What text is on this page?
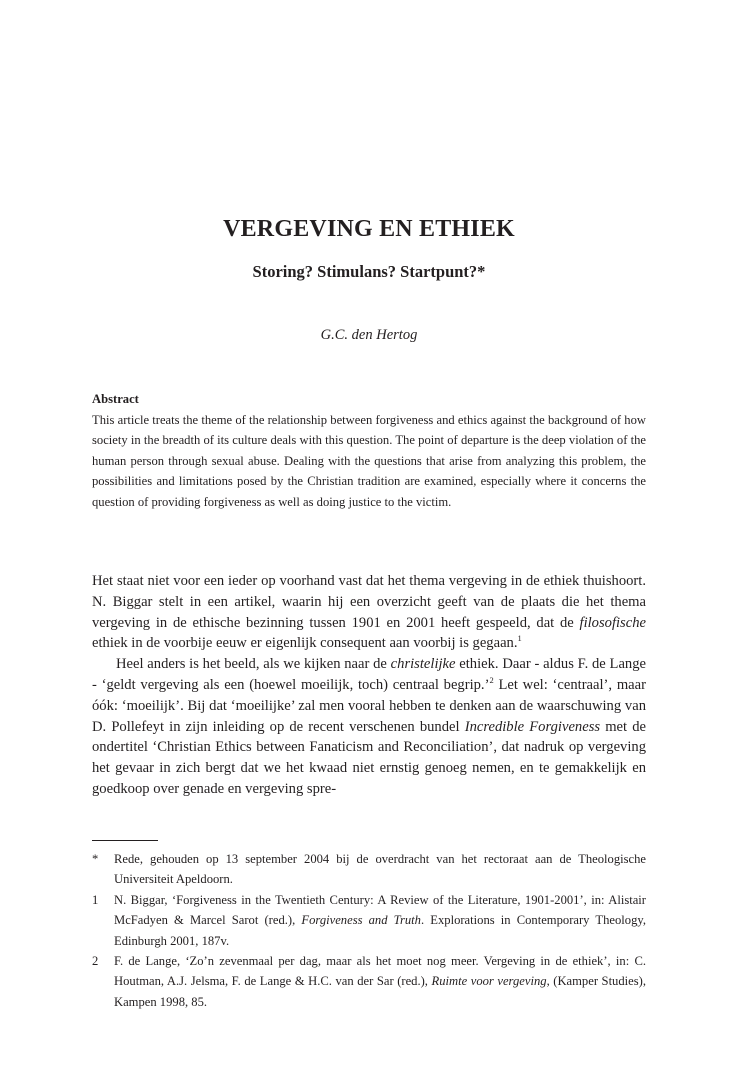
VERGEVING EN ETHIEK
Storing? Stimulans? Startpunt?*
G.C. den Hertog
Abstract
This article treats the theme of the relationship between forgiveness and ethics against the background of how society in the breadth of its culture deals with this question. The point of departure is the deep violation of the human person through sexual abuse. Dealing with the questions that arise from analyzing this problem, the possibilities and limitations posed by the Christian tradition are examined, especially where it concerns the question of providing forgiveness as well as doing justice to the victim.

Het staat niet voor een ieder op voorhand vast dat het thema vergeving in de ethiek thuishoort. N. Biggar stelt in een artikel, waarin hij een overzicht geeft van de plaats die het thema vergeving in de ethische bezinning tussen 1901 en 2001 heeft gespeeld, dat de filosofische ethiek in de voorbije eeuw er eigenlijk consequent aan voorbij is gegaan.$^1$

Heel anders is het beeld, als we kijken naar de christelijke ethiek. Daar - aldus F. de Lange - ‘geldt vergeving als een (hoewel moeilijk, toch) centraal begrip.’$^2$ Let wel: ‘centraal’, maar óók: ‘moeilijk’. Bij dat ‘moeilijke’ zal men vooral hebben te denken aan de waarschuwing van D. Pollefeyt in zijn inleiding op de recent verschenen bundel Incredible Forgiveness met de ondertitel ‘Christian Ethics between Fanaticism and Reconciliation’, dat nadruk op vergeving het gevaar in zich bergt dat we het kwaad niet ernstig genoeg nemen, en te gemakkelijk en goedkoop over genade en vergeving spre-

*	Rede, gehouden op 13 september 2004 bij de overdracht van het rectoraat aan de Theologische Universiteit Apeldoorn.
1	N. Biggar, ‘Forgiveness in the Twentieth Century: A Review of the Literature, 1901-2001’, in: Alistair McFadyen & Marcel Sarot (red.), Forgiveness and Truth. Explorations in Contemporary Theology, Edinburgh 2001, 187v.
2	F. de Lange, ‘Zo’n zevenmaal per dag, maar als het moet nog meer. Vergeving in de ethiek’, in: C. Houtman, A.J. Jelsma, F. de Lange & H.C. van der Sar (red.), Ruimte voor vergeving, (Kamper Studies), Kampen 1998, 85.
